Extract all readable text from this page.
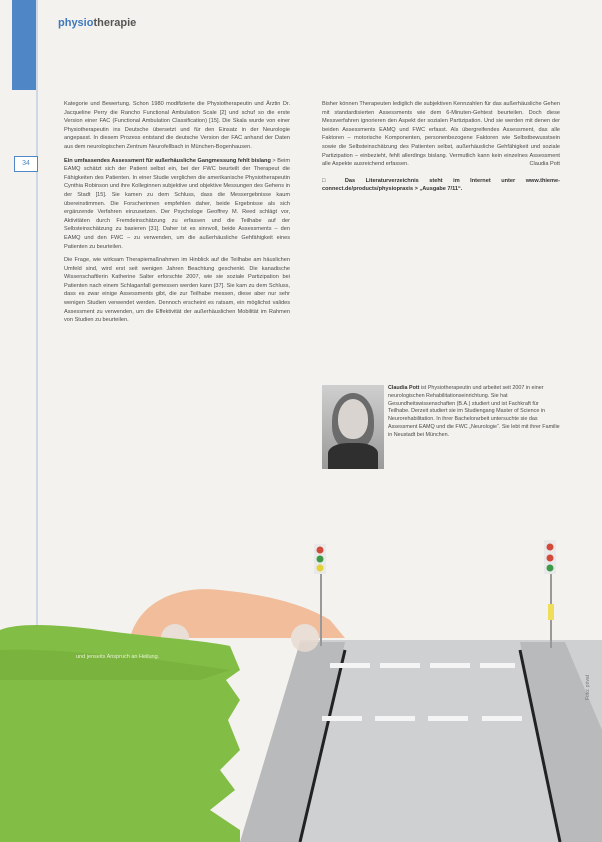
34
physiotherapie

Kategorie und Bewertung. Schon 1980 modifizierte die Physiotherapeutin und Ärztin Dr. Jacqueline Perry die Rancho Functional Ambulation Scale [2] und schuf so die erste Version einer FAC (Functional Ambulation Classification) [15]. Die Skala wurde von einer Physiotherapeutin ins Deutsche übersetzt und für den Einsatz in der Neurologie angepasst. In diesem Prozess entstand die deutsche Version der FAC anhand der Daten aus dem neurologischen Zentrum Neurofellbach in München-Bogenhausen.

Ein umfassendes Assessment für außerhäusliche Gangmessung fehlt bislang > Beim EAMQ schätzt sich der Patient selbst ein, bei der FWC beurteilt der Therapeut die Fähigkeiten des Patienten. In einer Studie verglichen die amerikanische Physiotherapeutin Cynthia Robinson und ihre Kolleginnen subjektive und objektive Messungen des Gehens in der Stadt [15]. Sie kamen zu dem Schluss, dass die Messergebnisse kaum übereinstimmen. Die Forscherinnen empfehlen daher, beide Ergebnisse als sich ergänzende Verfahren einzusetzen. Der Psychologe Geoffrey M. Reed schlägt vor, Aktivitäten durch Fremdeinschätzung zu erfassen und die Teilhabe auf der Selbsteinschätzung zu basieren [31]. Daher ist es sinnvoll, beide Assessments – den EAMQ und den FWC – zu verwenden, um die außerhäusliche Gehfähigkeit eines Patienten zu beurteilen.

Die Frage, wie wirksam Therapiemaßnahmen im Hinblick auf die Teilhabe am häuslichen Umfeld sind, wird erst seit wenigen Jahren Beachtung geschenkt. Die kanadische Wissenschaftlerin Katherine Salter erforschte 2007, wie sie soziale Partizipation bei Patienten nach einem Schlaganfall gemessen werden kann [37]. Sie kam zu dem Schluss, dass es zwar einige Assessments gibt, die zur Teilhabe messen, diese aber nur sehr wenigen Studien verwendet werden. Dennoch erscheint es ratsam, ein möglichst valides Assessment zu verwenden, um die Effektivität der außerhäuslichen Mobilität im Rahmen von Studien zu beurteilen.

Bisher können Therapeuten lediglich die subjektiven Kennzahlen für das außerhäusliche Gehen mit standardisierten Assessments wie dem 6-Minuten-Gehtest beurteilen. Doch diese Messverfahren ignorieren den Aspekt der sozialen Partizipation. Und sie werden mit denen der beiden Assessments EAMQ und FWC erfasst. Als übergreifendes Assessment, das alle Faktoren – motorische Komponenten, personenbezogene Faktoren wie Selbstbewusstsein sowie die Selbsteinschätzung des Patienten selbst, außerhäusliche Gehfähigkeit und soziale Partizipation – einbezieht, fehlt allerdings bislang. Vermutlich kann kein einzelnes Assessment alle Aspekte ausreichend erfassen.	Claudia Pott

□ Das Literaturverzeichnis steht im Internet unter www.thieme-connect.de/products/physiopraxis > „Ausgabe 7/11“.

Claudia Pott ist Physiotherapeutin und arbeitet seit 2007 in einer neurologischen Rehabilitationseinrichtung. Sie hat Gesundheitswissenschaften (B.A.) studiert und ist Fachkraft für Teilhabe. Derzeit studiert sie im Studiengang Master of Science in Neurorehabilitation. In ihrer Bachelorarbeit untersuchte sie das Assessment EAMQ und die FWC „Neurologie“. Sie lebt mit ihrer Familie in Neustadt bei München.
und jenseits Anspruch an Heilung.
Foto: privat
